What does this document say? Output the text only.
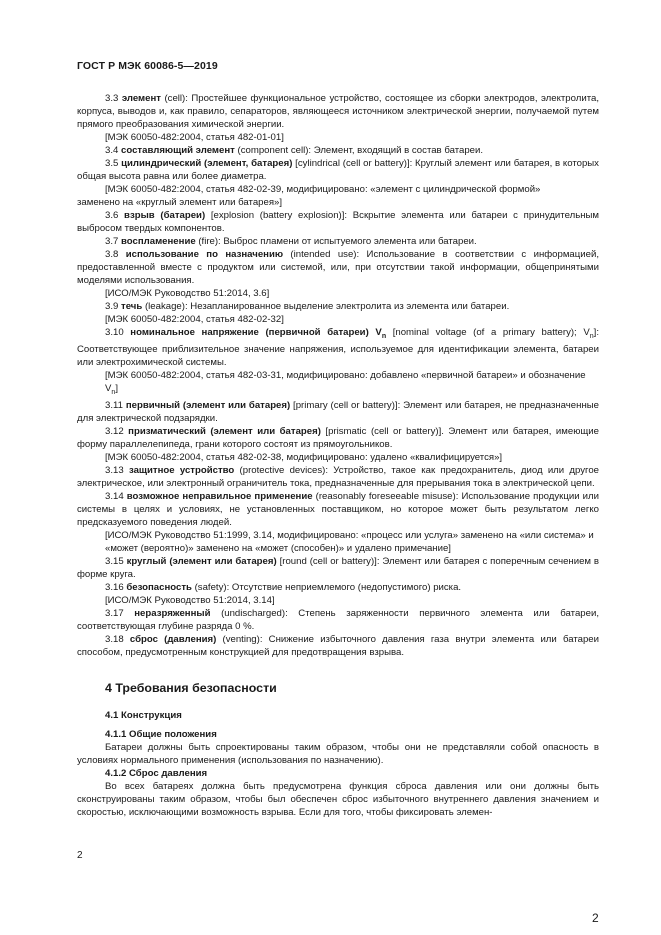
ГОСТ Р МЭК 60086-5—2019

3.3 элемент (cell): Простейшее функциональное устройство, состоящее из сборки электродов, электролита, корпуса, выводов и, как правило, сепараторов, являющееся источником электрической энергии, получаемой путем прямого преобразования химической энергии.

[МЭК 60050-482:2004, статья 482-01-01]

3.4 составляющий элемент (component cell): Элемент, входящий в состав батареи.

3.5 цилиндрический (элемент, батарея) [cylindrical (cell or battery)]: Круглый элемент или батарея, в которых общая высота равна или более диаметра.

[МЭК 60050-482:2004, статья 482-02-39, модифицировано: «элемент с цилиндрической формой»

заменено на «круглый элемент или батарея»]

3.6 взрыв (батареи) [explosion (battery explosion)]: Вскрытие элемента или батареи с принудительным выбросом твердых компонентов.

3.7 воспламенение (fire): Выброс пламени от испытуемого элемента или батареи.

3.8 использование по назначению (intended use): Использование в соответствии с информацией, предоставленной вместе с продуктом или системой, или, при отсутствии такой информации, общепринятыми моделями использования.

[ИСО/МЭК Руководство 51:2014, 3.6]

3.9 течь (leakage): Незапланированное выделение электролита из элемента или батареи.

[МЭК 60050-482:2004, статья 482-02-32]

3.10 номинальное напряжение (первичной батареи) $V_n$ [nominal voltage (of a primary battery); $V_n$]: Соответствующее приблизительное значение напряжения, используемое для идентификации элемента, батареи или электрохимической системы.

[МЭК 60050-482:2004, статья 482-03-31, модифицировано: добавлено «первичной батареи» и обозначение $V_n$]

3.11 первичный (элемент или батарея) [primary (cell or battery)]: Элемент или батарея, не предназначенные для электрической подзарядки.

3.12 призматический (элемент или батарея) [prismatic (cell or battery)]. Элемент или батарея, имеющие форму параллелепипеда, грани которого состоят из прямоугольников.

[МЭК 60050-482:2004, статья 482-02-38, модифицировано: удалено «квалифицируется»]

3.13 защитное устройство (protective devices): Устройство, такое как предохранитель, диод или другое электрическое, или электронный ограничитель тока, предназначенные для прерывания тока в электрической цепи.

3.14 возможное неправильное применение (reasonably foreseeable misuse): Использование продукции или системы в целях и условиях, не установленных поставщиком, но которое может быть результатом легко предсказуемого поведения людей.

[ИСО/МЭК Руководство 51:1999, 3.14, модифицировано: «процесс или услуга» заменено на «или система» и «может (вероятно)» заменено на «может (способен)» и удалено примечание]

3.15 круглый (элемент или батарея) [round (cell or battery)]: Элемент или батарея с поперечным сечением в форме круга.

3.16 безопасность (safety): Отсутствие неприемлемого (недопустимого) риска.

[ИСО/МЭК Руководство 51:2014, 3.14]

3.17 неразряженный (undischarged): Степень заряженности первичного элемента или батареи, соответствующая глубине разряда 0 %.

3.18 сброс (давления) (venting): Снижение избыточного давления газа внутри элемента или батареи способом, предусмотренным конструкцией для предотвращения взрыва.

4 Требования безопасности
4.1 Конструкция
4.1.1 Общие положения

Батареи должны быть спроектированы таким образом, чтобы они не представляли собой опасность в условиях нормального применения (использования по назначению).

4.1.2 Сброс давления

Во всех батареях должна быть предусмотрена функция сброса давления или они должны быть сконструированы таким образом, чтобы был обеспечен сброс избыточного внутреннего давления значением и скоростью, исключающими возможность взрыва. Если для того, чтобы фиксировать элемен-

2
2
